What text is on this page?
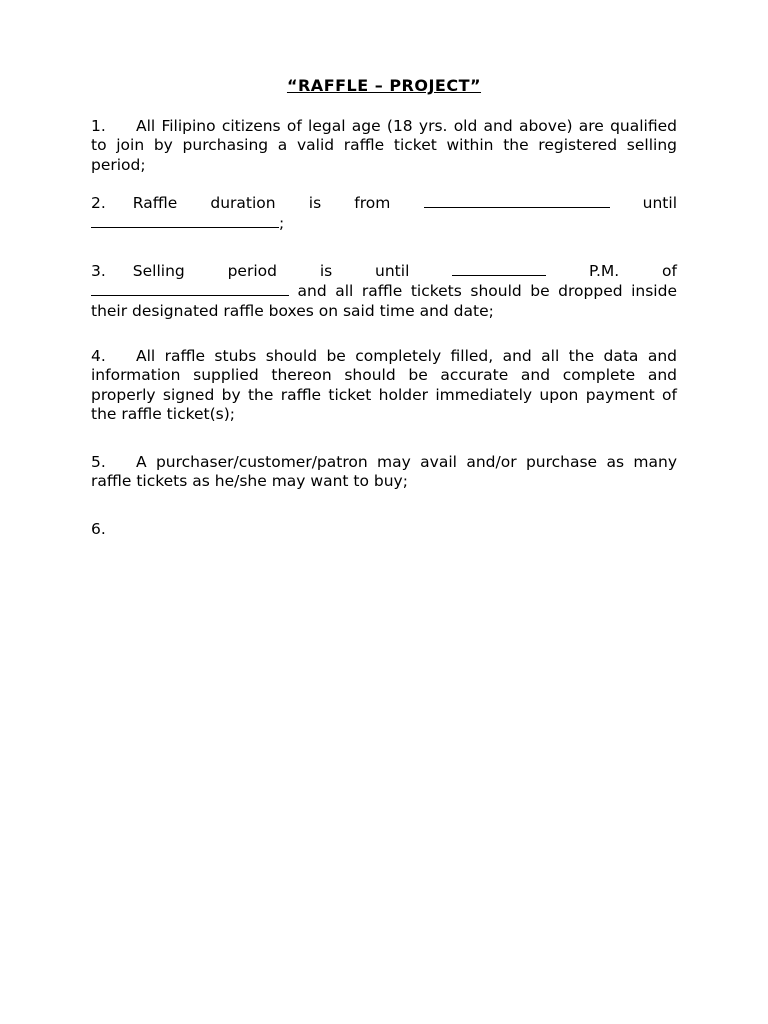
“RAFFLE – PROJECT”
1. All Filipino citizens of legal age (18 yrs. old and above) are qualified to join by purchasing a valid raffle ticket within the registered selling period;
2. Raffle duration is from	until
;
3. Selling	period	is	until	P.M.	of
and all raffle tickets should be dropped inside their designated raffle boxes on said time and date;
4. All raffle stubs should be completely filled, and all the data and information supplied thereon should be accurate and complete and properly signed by the raffle ticket holder immediately upon payment of the raffle ticket(s);
5. A purchaser/customer/patron may avail and/or purchase as many raffle tickets as he/she may want to buy;
6.
